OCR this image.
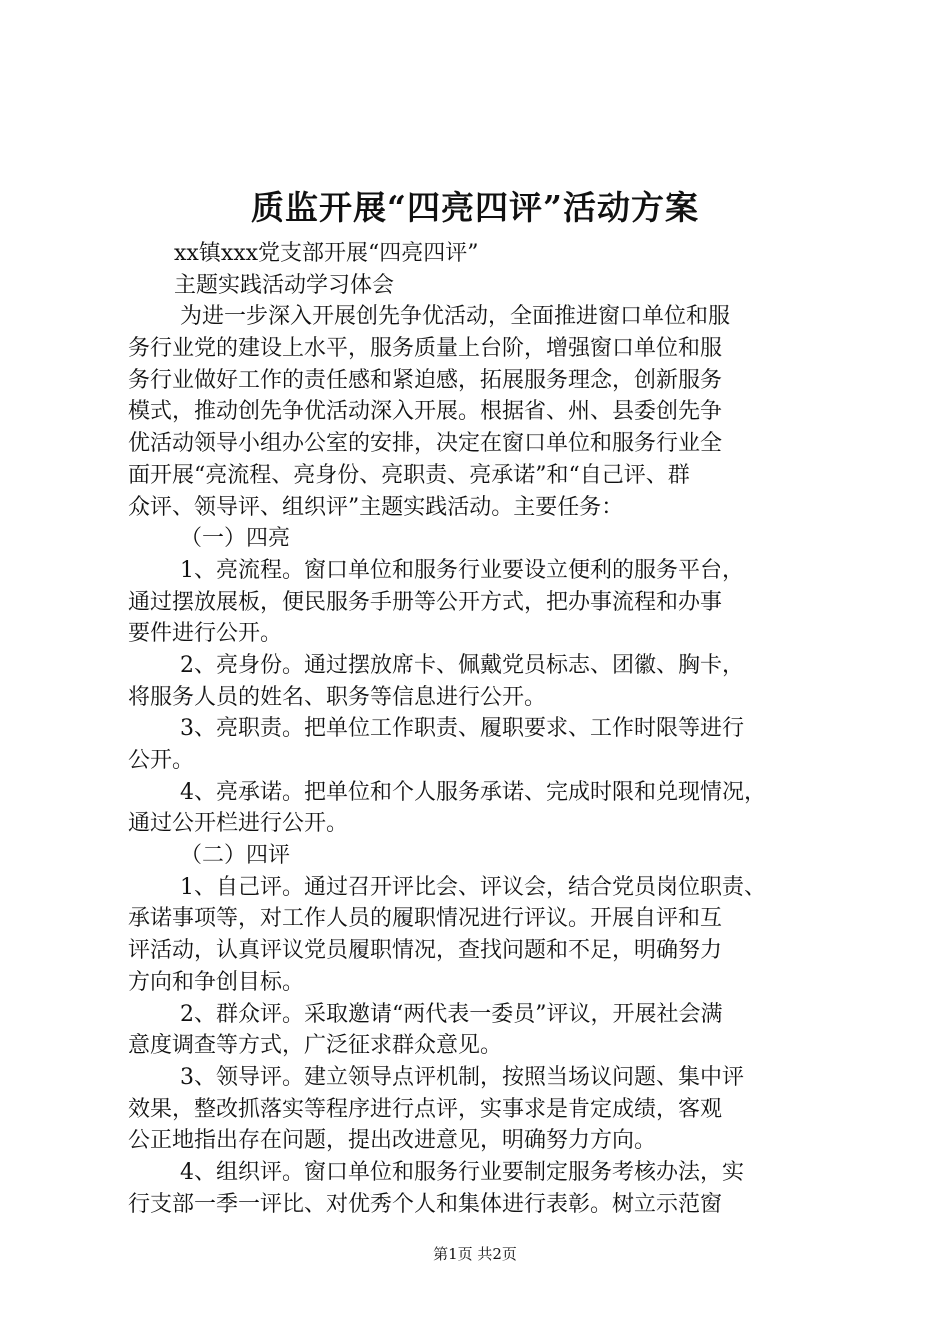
质监开展“四亮四评”活动方案
xx镇xxx党支部开展“四亮四评”
主题实践活动学习体会
为进一步深入开展创先争优活动，全面推进窗口单位和服
务行业党的建设上水平，服务质量上台阶，增强窗口单位和服
务行业做好工作的责任感和紧迫感，拓展服务理念，创新服务
模式，推动创先争优活动深入开展。根据省、州、县委创先争
优活动领导小组办公室的安排，决定在窗口单位和服务行业全
面开展“亮流程、亮身份、亮职责、亮承诺”和“自己评、群
众评、领导评、组织评”主题实践活动。主要任务：
（一）四亮
1、亮流程。窗口单位和服务行业要设立便利的服务平台，
通过摆放展板，便民服务手册等公开方式，把办事流程和办事
要件进行公开。
2、亮身份。通过摆放席卡、佩戴党员标志、团徽、胸卡，
将服务人员的姓名、职务等信息进行公开。
3、亮职责。把单位工作职责、履职要求、工作时限等进行
公开。
4、亮承诺。把单位和个人服务承诺、完成时限和兑现情况，
通过公开栏进行公开。
（二）四评
1、自己评。通过召开评比会、评议会，结合党员岗位职责、
承诺事项等，对工作人员的履职情况进行评议。开展自评和互
评活动，认真评议党员履职情况，查找问题和不足，明确努力
方向和争创目标。
2、群众评。采取邀请“两代表一委员”评议，开展社会满
意度调查等方式，广泛征求群众意见。
3、领导评。建立领导点评机制，按照当场议问题、集中评
效果，整改抓落实等程序进行点评，实事求是肯定成绩，客观
公正地指出存在问题，提出改进意见，明确努力方向。
4、组织评。窗口单位和服务行业要制定服务考核办法，实
行支部一季一评比、对优秀个人和集体进行表彰。树立示范窗
第1页 共2页
